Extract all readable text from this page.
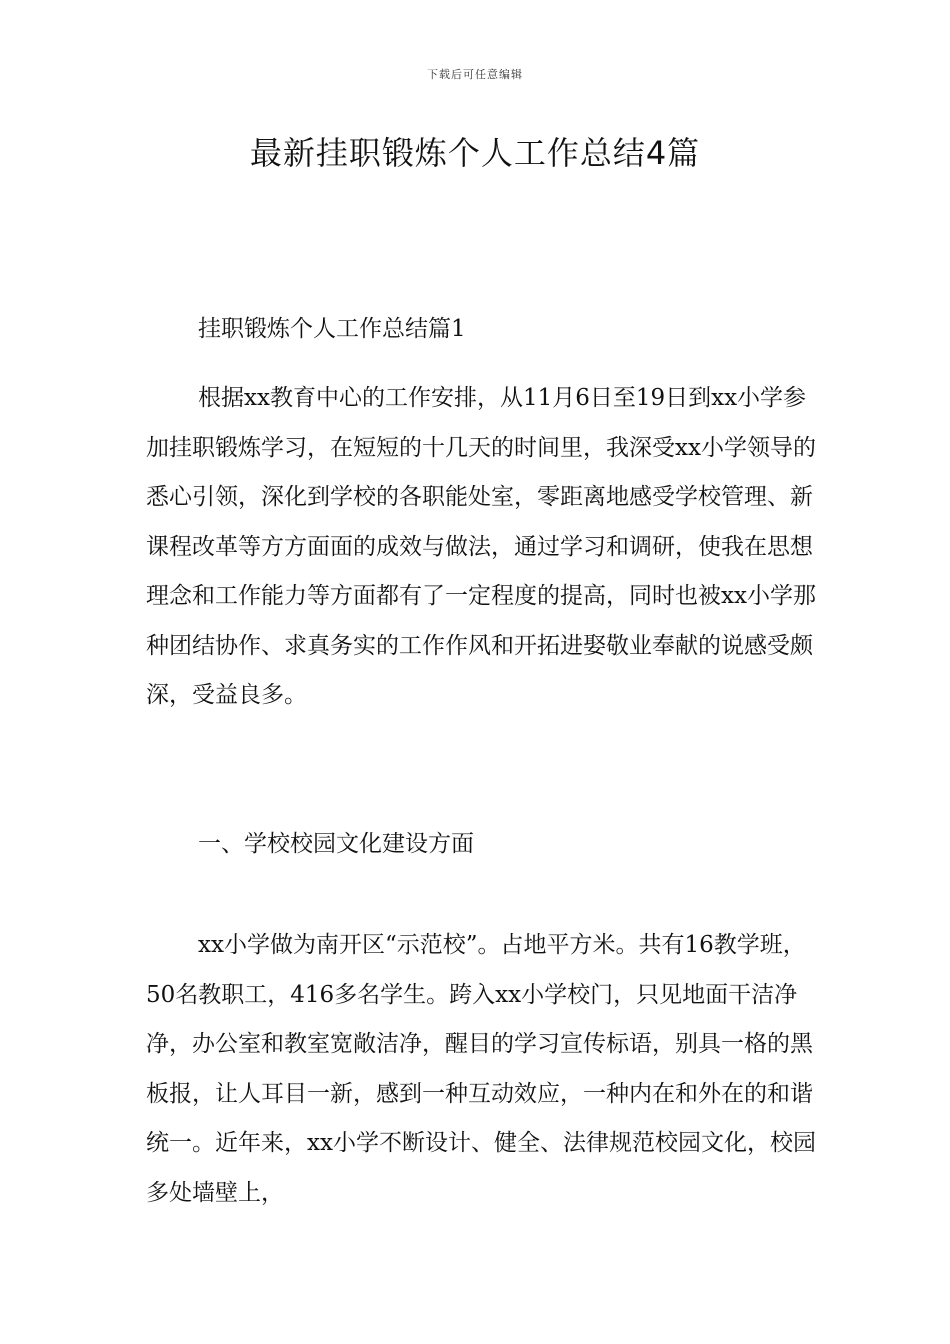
下载后可任意编辑
最新挂职锻炼个人工作总结4篇

挂职锻炼个人工作总结篇1

根据xx教育中心的工作安排，从11月6日至19日到xx小学参加挂职锻炼学习，在短短的十几天的时间里，我深受xx小学领导的悉心引领，深化到学校的各职能处室，零距离地感受学校管理、新课程改革等方方面面的成效与做法，通过学习和调研，使我在思想理念和工作能力等方面都有了一定程度的提高，同时也被xx小学那种团结协作、求真务实的工作作风和开拓进娶敬业奉献的说感受颇深，受益良多。

一、学校校园文化建设方面

xx小学做为南开区“示范校”。占地平方米。共有16教学班，50名教职工，416多名学生。跨入xx小学校门，只见地面干洁净净，办公室和教室宽敞洁净，醒目的学习宣传标语，别具一格的黑板报，让人耳目一新，感到一种互动效应，一种内在和外在的和谐统一。近年来，xx小学不断设计、健全、法律规范校园文化，校园多处墙壁上，
